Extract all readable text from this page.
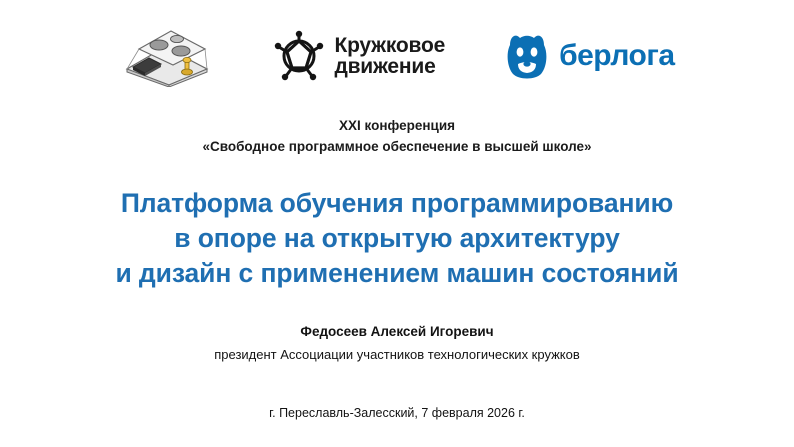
Кружковое
движение	берлога
XXI конференция
«Свободное программное обеспечение в высшей школе»
Платформа обучения программированию
в опоре на открытую архитектуру
и дизайн с применением машин состояний
Федосеев Алексей Игоревич
президент Ассоциации участников технологических кружков
г. Переславль-Залесский, 7 февраля 2026 г.
